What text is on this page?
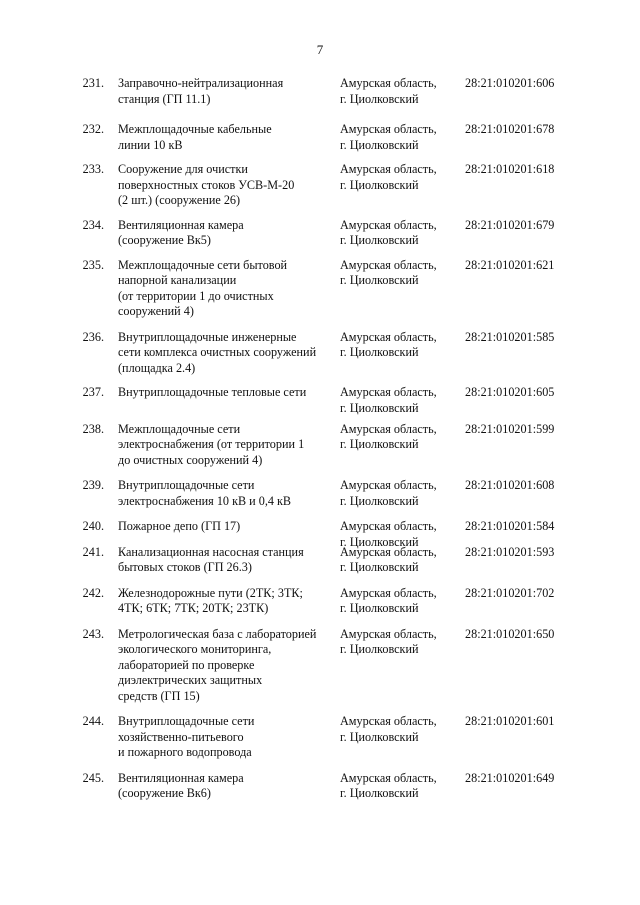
7
231. Заправочно-нейтрализационная
станция (ГП 11.1)
Амурская область,
г. Циолковский
28:21:010201:606
232. Межплощадочные кабельные
линии 10 кВ
Амурская область,
г. Циолковский
28:21:010201:678
233. Сооружение для очистки
поверхностных стоков УСВ-М-20
(2 шт.) (сооружение 26)
Амурская область,
г. Циолковский
28:21:010201:618
234. Вентиляционная камера
(сооружение Вк5)
Амурская область,
г. Циолковский
28:21:010201:679
235. Межплощадочные сети бытовой
напорной канализации
(от территории 1 до очистных
сооружений 4)
Амурская область,
г. Циолковский
28:21:010201:621
236. Внутриплощадочные инженерные
сети комплекса очистных сооружений
(площадка 2.4)
Амурская область,
г. Циолковский
28:21:010201:585
237. Внутриплощадочные тепловые сети	Амурская область,
г. Циолковский
28:21:010201:605
238. Межплощадочные сети
электроснабжения (от территории 1
до очистных сооружений 4)
Амурская область,
г. Циолковский
28:21:010201:599
239. Внутриплощадочные сети
электроснабжения 10 кВ и 0,4 кВ
Амурская область,
г. Циолковский
28:21:010201:608
240. Пожарное депо (ГП 17)	Амурская область,
г. Циолковский
28:21:010201:584
241. Канализационная насосная станция
бытовых стоков (ГП 26.3)
Амурская область,
г. Циолковский
28:21:010201:593
242. Железнодорожные пути (2ТК; 3ТК;
4ТК; 6ТК; 7ТК; 20ТК; 23ТК)
Амурская область,
г. Циолковский
28:21:010201:702
243. Метрологическая база с лабораторией
экологического мониторинга,
лабораторией по проверке
диэлектрических защитных
средств (ГП 15)
Амурская область,
г. Циолковский
28:21:010201:650
244. Внутриплощадочные сети
хозяйственно-питьевого
и пожарного водопровода
Амурская область,
г. Циолковский
28:21:010201:601
245. Вентиляционная камера
(сооружение Вк6)
Амурская область,
г. Циолковский
28:21:010201:649
